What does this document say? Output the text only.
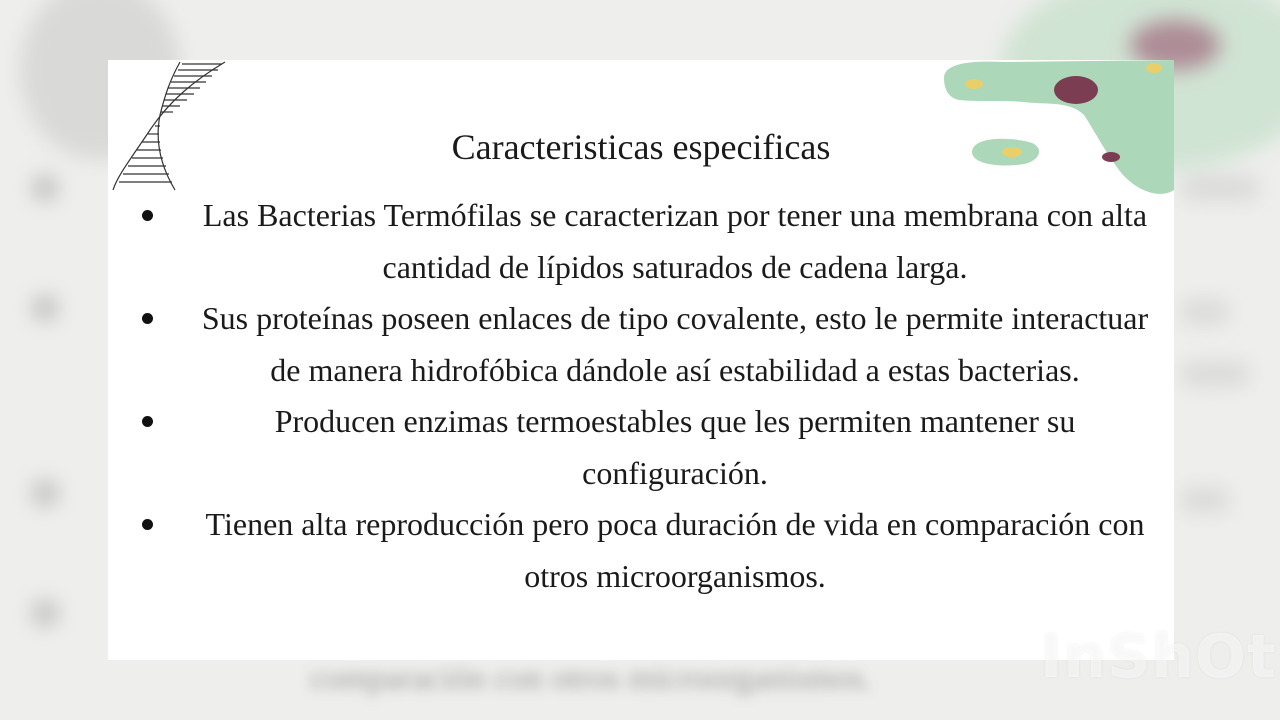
comparación con otros microorganismos.
Caracteristicas especificas
Las Bacterias Termófilas se caracterizan por tener una membrana con alta cantidad de lípidos saturados de cadena larga.
Sus proteínas poseen enlaces de tipo covalente, esto le permite interactuar de manera hidrofóbica dándole así estabilidad a estas bacterias.
Producen enzimas termoestables que les permiten mantener su configuración.
Tienen alta reproducción pero poca duración de vida en comparación con otros microorganismos.
InShOt
